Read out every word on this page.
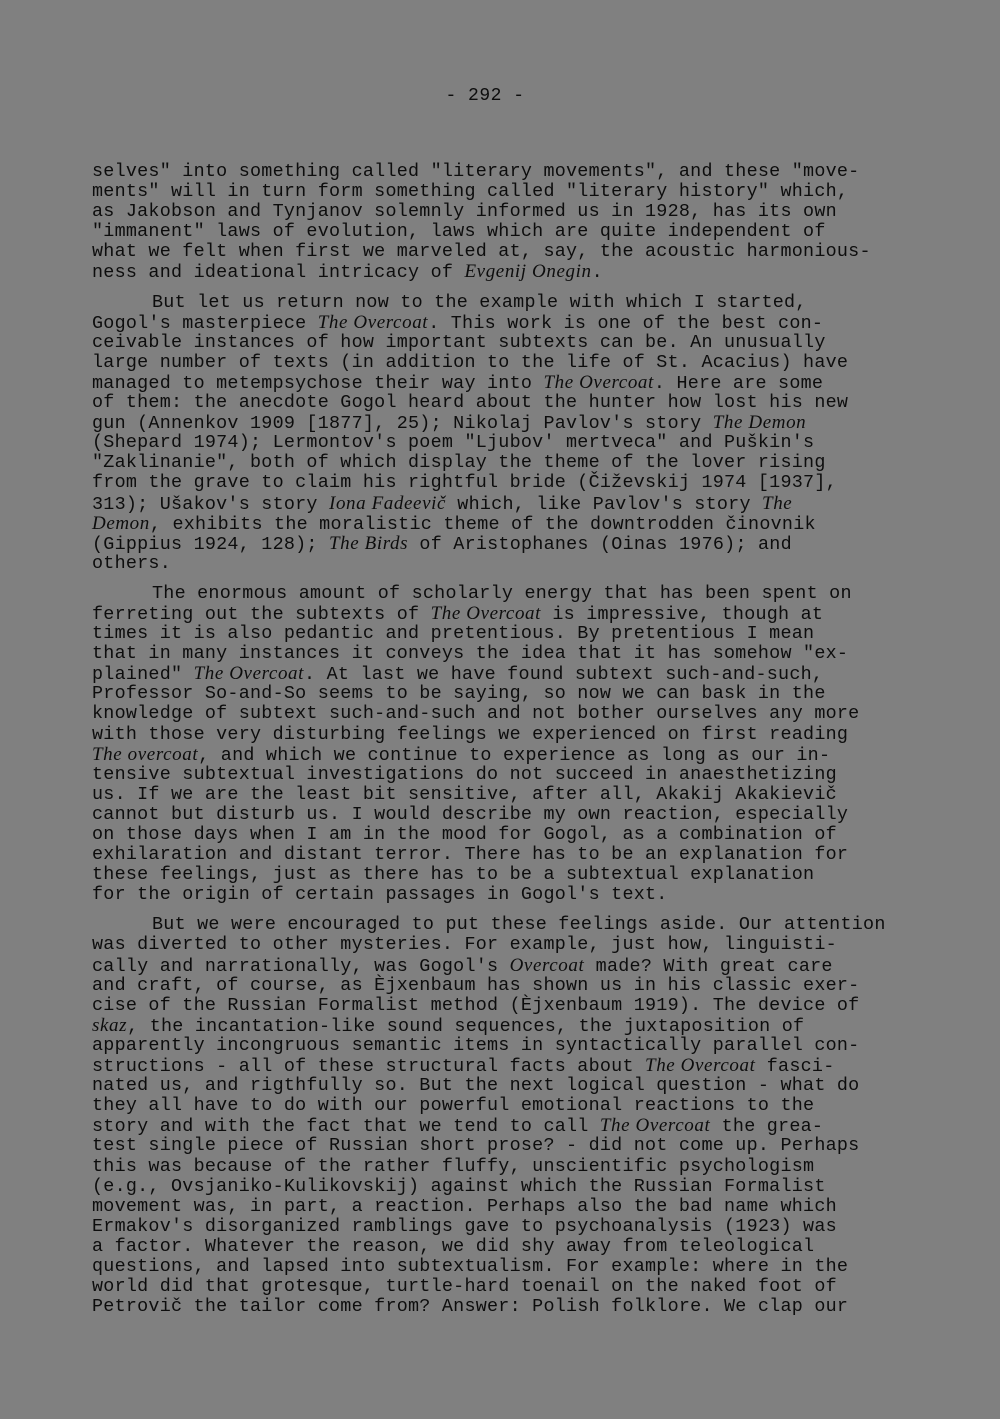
- 292 -
selves" into something called "literary movements", and these "move-
ments" will in turn form something called "literary history" which,
as Jakobson and Tynjanov solemnly informed us in 1928, has its own
"immanent" laws of evolution, laws which are quite independent of
what we felt when first we marveled at, say, the acoustic harmonious-
ness and ideational intricacy of Evgenij Onegin.
But let us return now to the example with which I started,
Gogol's masterpiece The Overcoat. This work is one of the best con-
ceivable instances of how important subtexts can be. An unusually
large number of texts (in addition to the life of St. Acacius) have
managed to metempsychose their way into The Overcoat. Here are some
of them: the anecdote Gogol heard about the hunter how lost his new
gun (Annenkov 1909 [1877], 25); Nikolaj Pavlov's story The Demon
(Shepard 1974); Lermontov's poem "Ljubov' mertveca" and Puškin's
"Zaklinanie", both of which display the theme of the lover rising
from the grave to claim his rightful bride (Čiževskij 1974 [1937],
313); Ušakov's story Iona Fadeevič which, like Pavlov's story The
Demon, exhibits the moralistic theme of the downtrodden činovnik
(Gippius 1924, 128); The Birds of Aristophanes (Oinas 1976); and
others.
The enormous amount of scholarly energy that has been spent on
ferreting out the subtexts of The Overcoat is impressive, though at
times it is also pedantic and pretentious. By pretentious I mean
that in many instances it conveys the idea that it has somehow "ex-
plained" The Overcoat. At last we have found subtext such-and-such,
Professor So-and-So seems to be saying, so now we can bask in the
knowledge of subtext such-and-such and not bother ourselves any more
with those very disturbing feelings we experienced on first reading
The overcoat, and which we continue to experience as long as our in-
tensive subtextual investigations do not succeed in anaesthetizing
us. If we are the least bit sensitive, after all, Akakij Akakievič
cannot but disturb us. I would describe my own reaction, especially
on those days when I am in the mood for Gogol, as a combination of
exhilaration and distant terror. There has to be an explanation for
these feelings, just as there has to be a subtextual explanation
for the origin of certain passages in Gogol's text.
But we were encouraged to put these feelings aside. Our attention
was diverted to other mysteries. For example, just how, linguisti-
cally and narrationally, was Gogol's Overcoat made? With great care
and craft, of course, as Èjxenbaum has shown us in his classic exer-
cise of the Russian Formalist method (Èjxenbaum 1919). The device of
skaz, the incantation-like sound sequences, the juxtaposition of
apparently incongruous semantic items in syntactically parallel con-
structions - all of these structural facts about The Overcoat fasci-
nated us, and rigthfully so. But the next logical question - what do
they all have to do with our powerful emotional reactions to the
story and with the fact that we tend to call The Overcoat the grea-
test single piece of Russian short prose? - did not come up. Perhaps
this was because of the rather fluffy, unscientific psychologism
(e.g., Ovsjaniko-Kulikovskij) against which the Russian Formalist
movement was, in part, a reaction. Perhaps also the bad name which
Ermakov's disorganized ramblings gave to psychoanalysis (1923) was
a factor. Whatever the reason, we did shy away from teleological
questions, and lapsed into subtextualism. For example: where in the
world did that grotesque, turtle-hard toenail on the naked foot of
Petrovič the tailor come from? Answer: Polish folklore. We clap our
